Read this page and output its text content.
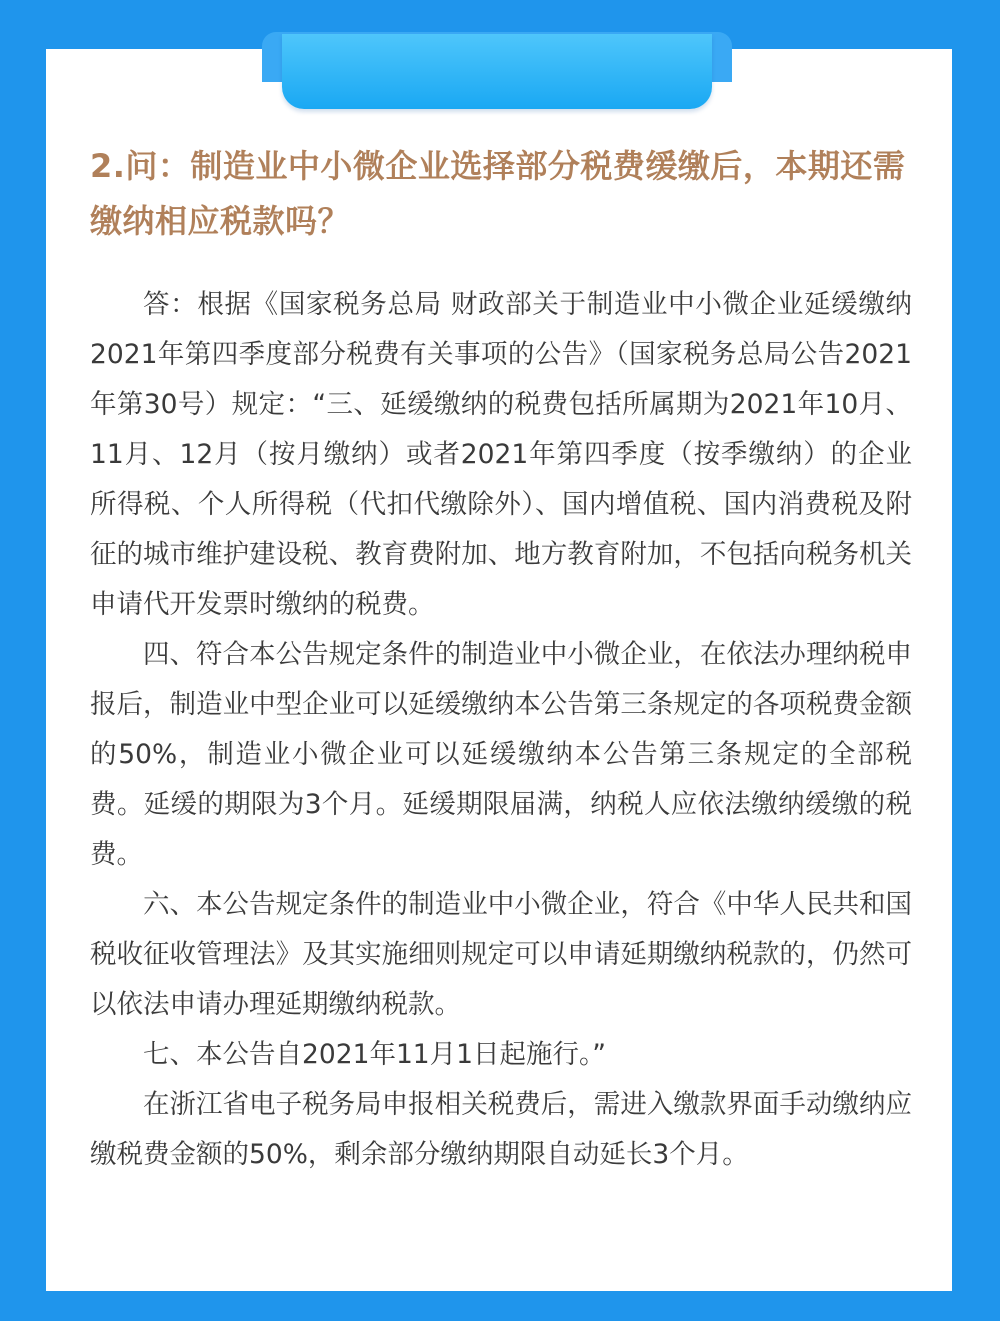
2.问：制造业中小微企业选择部分税费缓缴后，本期还需缴纳相应税款吗？

答：根据《国家税务总局 财政部关于制造业中小微企业延缓缴纳2021年第四季度部分税费有关事项的公告》（国家税务总局公告2021年第30号）规定：“三、延缓缴纳的税费包括所属期为2021年10月、11月、12月（按月缴纳）或者2021年第四季度（按季缴纳）的企业所得税、个人所得税（代扣代缴除外）、国内增值税、国内消费税及附征的城市维护建设税、教育费附加、地方教育附加，不包括向税务机关申请代开发票时缴纳的税费。

四、符合本公告规定条件的制造业中小微企业，在依法办理纳税申报后，制造业中型企业可以延缓缴纳本公告第三条规定的各项税费金额的50%，制造业小微企业可以延缓缴纳本公告第三条规定的全部税费。延缓的期限为3个月。延缓期限届满，纳税人应依法缴纳缓缴的税费。

六、本公告规定条件的制造业中小微企业，符合《中华人民共和国税收征收管理法》及其实施细则规定可以申请延期缴纳税款的，仍然可以依法申请办理延期缴纳税款。

七、本公告自2021年11月1日起施行。”

在浙江省电子税务局申报相关税费后，需进入缴款界面手动缴纳应缴税费金额的50%，剩余部分缴纳期限自动延长3个月。
